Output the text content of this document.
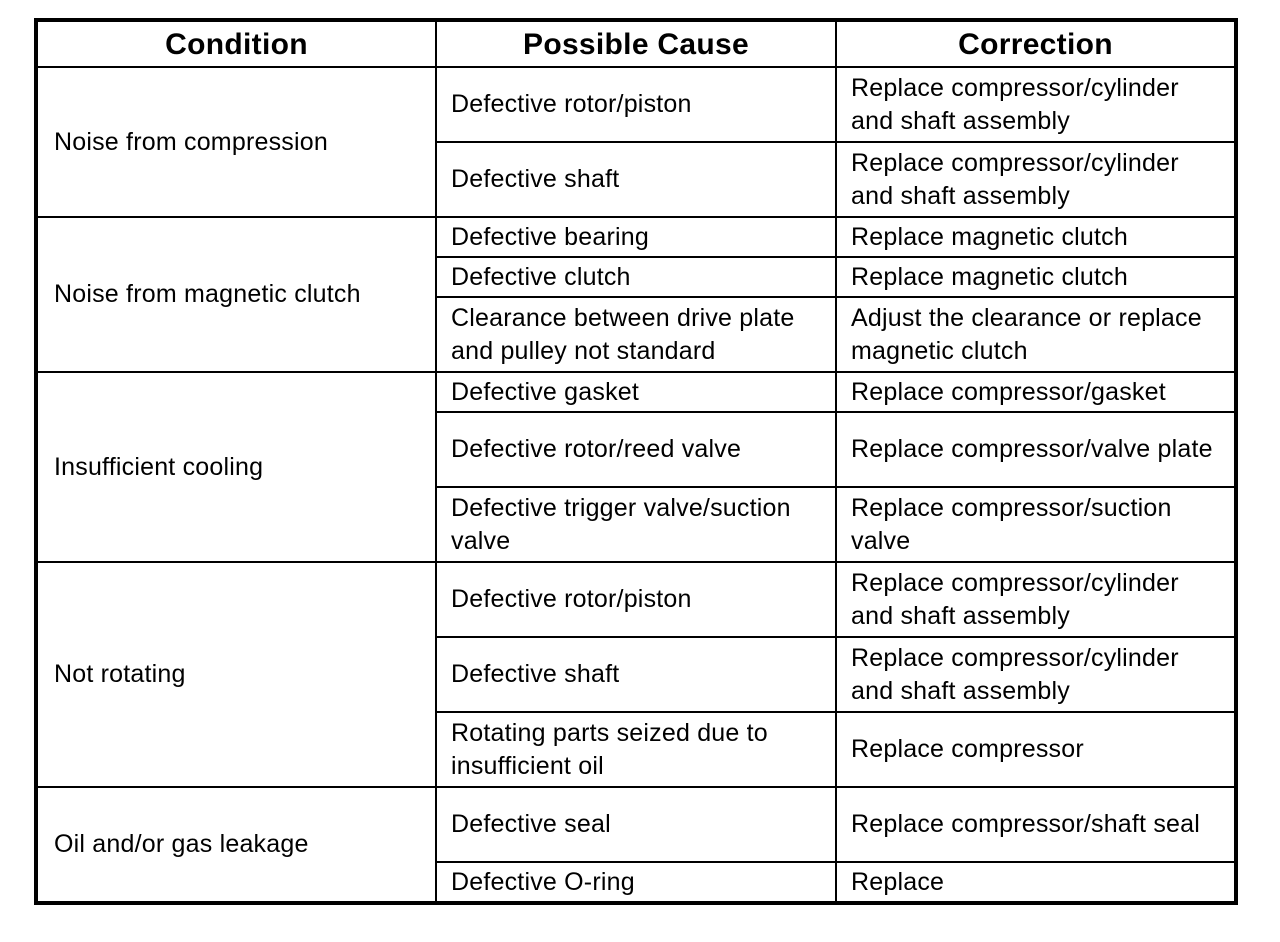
Condition	Possible Cause	Correction
Noise from compression	Defective rotor/piston	Replace compressor/cylinder and shaft assembly
	Defective shaft	Replace compressor/cylinder and shaft assembly
Noise from magnetic clutch	Defective bearing	Replace magnetic clutch
	Defective clutch	Replace magnetic clutch
	Clearance between drive plate and pulley not standard	Adjust the clearance or replace magnetic clutch
Insufficient cooling	Defective gasket	Replace compressor/gasket
	Defective rotor/reed valve	Replace compressor/valve plate
	Defective trigger valve/suction valve	Replace compressor/suction valve
Not rotating	Defective rotor/piston	Replace compressor/cylinder and shaft assembly
	Defective shaft	Replace compressor/cylinder and shaft assembly
	Rotating parts seized due to insufficient oil	Replace compressor
Oil and/or gas leakage	Defective seal	Replace compressor/shaft seal
	Defective O-ring	Replace
